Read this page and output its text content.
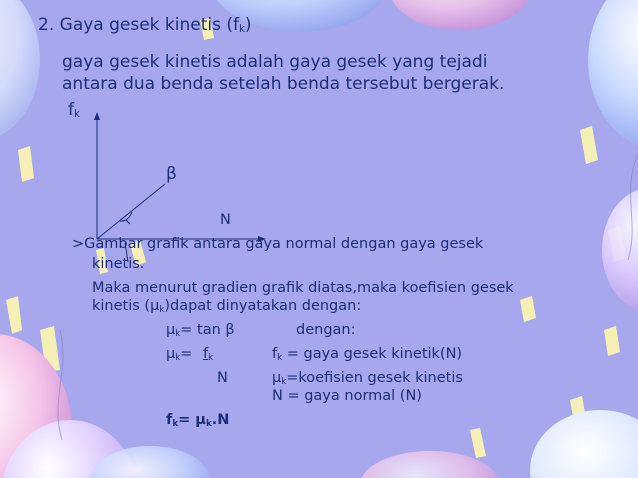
2. Gaya gesek kinetis $(f_k)$
gaya gesek kinetis adalah gaya gesek yang tejadi
antara dua benda setelah benda tersebut bergerak.
$f_k$
β
N
>Gambar grafik antara gaya normal dengan gaya gesek
kinetis.
Maka menurut gradien grafik diatas,maka koefisien gesek
kinetis $(\mu_k)dapat$ dinyatakan dengan:
$\mu_k= \tan \beta$	dengan:
$\mu_k= f_k$
N
$f_k$ = gaya gesek kinetik(N)
$\mu_k=koefisien$ gesek kinetis
N = gaya normal (N)
$f_k= \mu_k.N$
